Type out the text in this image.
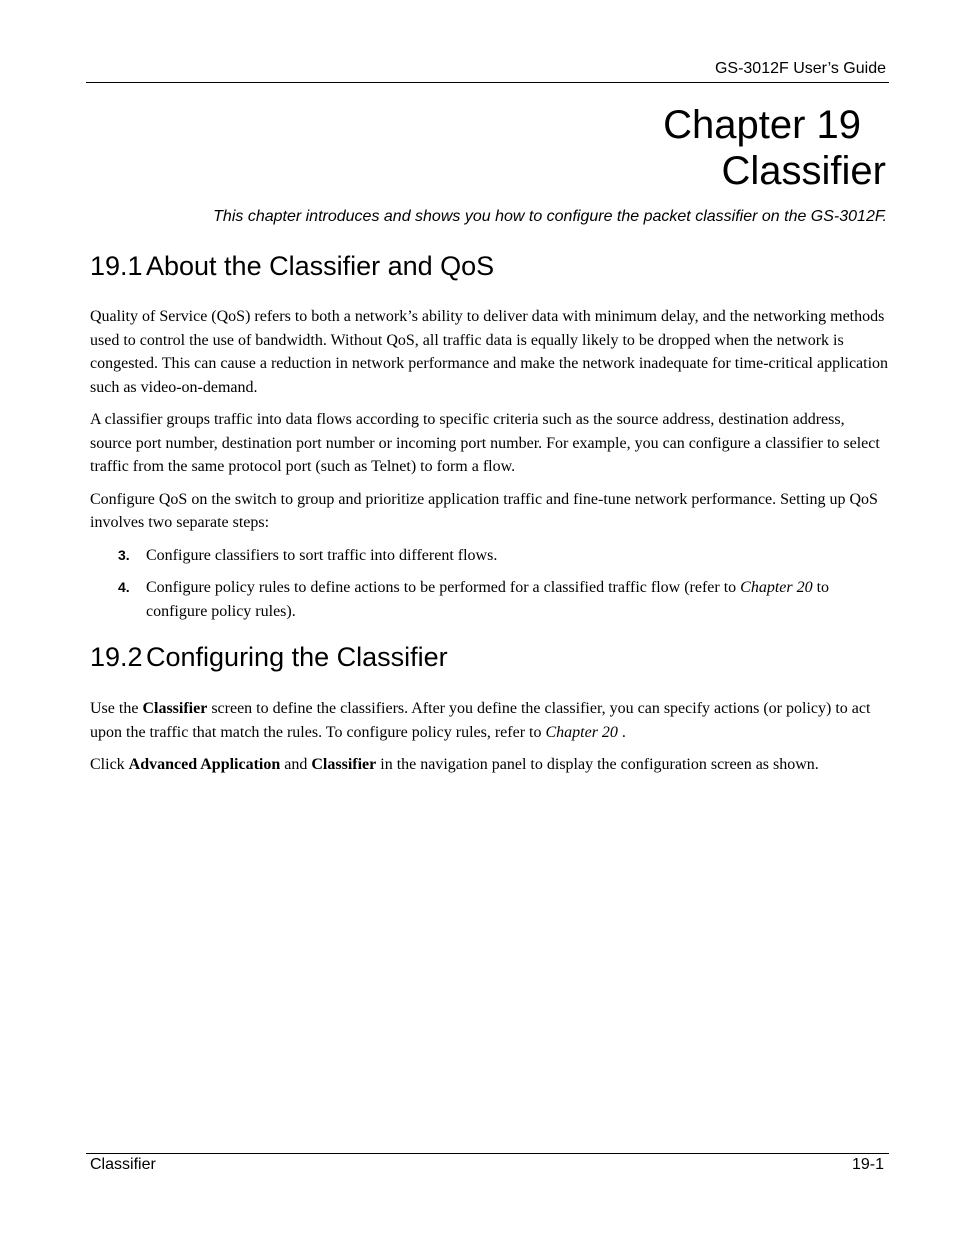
GS-3012F User’s Guide
Chapter 19
Classifier
This chapter introduces and shows you how to configure the packet classifier on the GS-3012F.
19.1 About the Classifier and QoS

Quality of Service (QoS) refers to both a network’s ability to deliver data with minimum delay, and the networking methods used to control the use of bandwidth. Without QoS, all traffic data is equally likely to be dropped when the network is congested. This can cause a reduction in network performance and make the network inadequate for time-critical application such as video-on-demand.

A classifier groups traffic into data flows according to specific criteria such as the source address, destination address, source port number, destination port number or incoming port number. For example, you can configure a classifier to select traffic from the same protocol port (such as Telnet) to form a flow.

Configure QoS on the switch to group and prioritize application traffic and fine-tune network performance. Setting up QoS involves two separate steps:

3. Configure classifiers to sort traffic into different flows.
4. Configure policy rules to define actions to be performed for a classified traffic flow (refer to Chapter 20 to configure policy rules).
19.2 Configuring the Classifier

Use the Classifier screen to define the classifiers. After you define the classifier, you can specify actions (or policy) to act upon the traffic that match the rules. To configure policy rules, refer to Chapter 20 .

Click Advanced Application and Classifier in the navigation panel to display the configuration screen as shown.

Classifier	19-1
